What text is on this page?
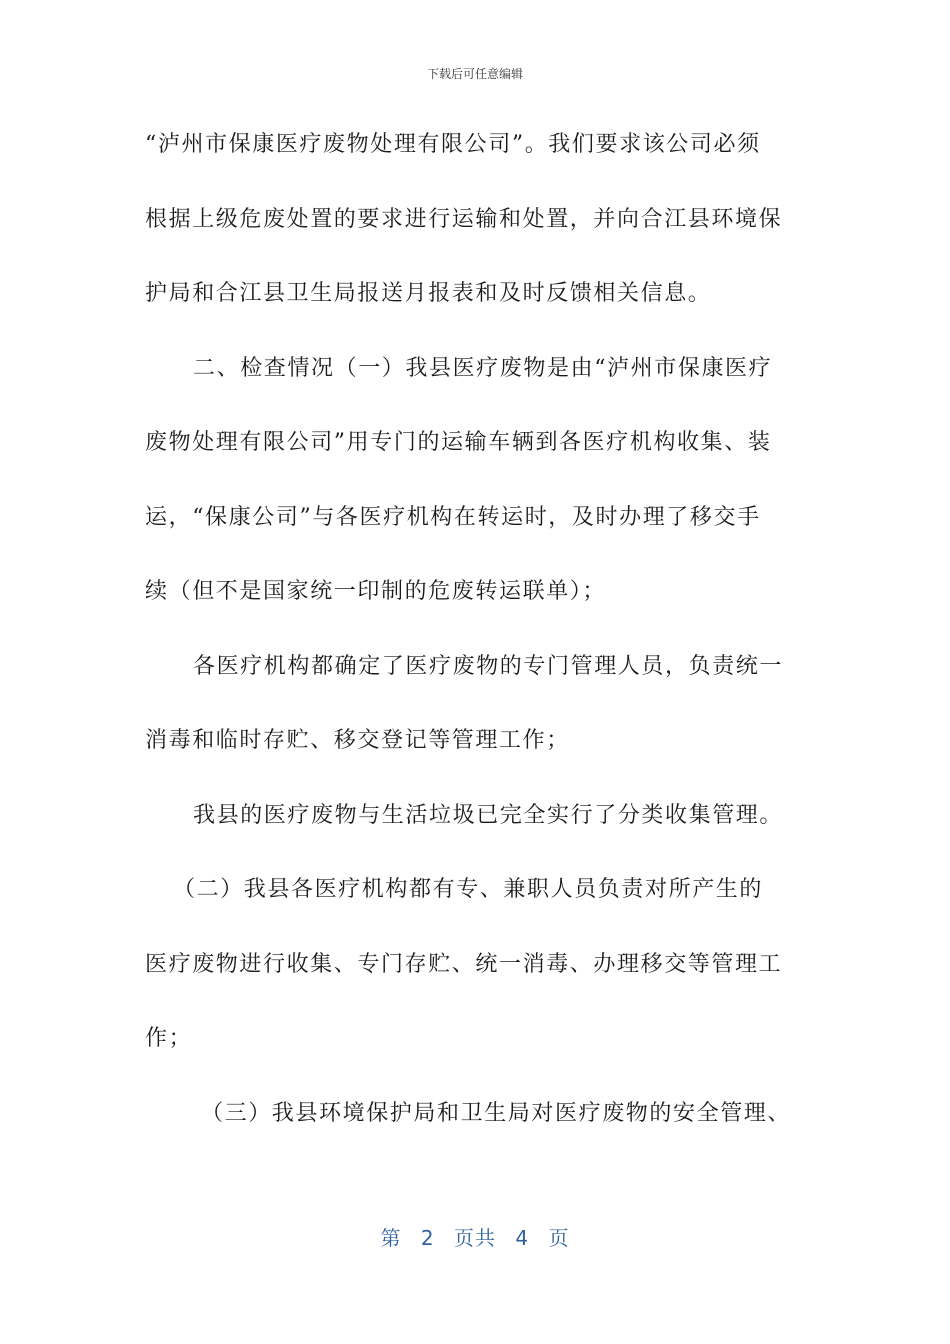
下载后可任意编辑
“泸州市保康医疗废物处理有限公司”。我们要求该公司必须
根据上级危废处置的要求进行运输和处置，并向合江县环境保
护局和合江县卫生局报送月报表和及时反馈相关信息。
二、检查情况（一）我县医疗废物是由“泸州市保康医疗
废物处理有限公司”用专门的运输车辆到各医疗机构收集、装
运，“保康公司”与各医疗机构在转运时，及时办理了移交手
续（但不是国家统一印制的危废转运联单）；
各医疗机构都确定了医疗废物的专门管理人员，负责统一
消毒和临时存贮、移交登记等管理工作；
我县的医疗废物与生活垃圾已完全实行了分类收集管理。
（二）我县各医疗机构都有专、兼职人员负责对所产生的
医疗废物进行收集、专门存贮、统一消毒、办理移交等管理工
作；
（三）我县环境保护局和卫生局对医疗废物的安全管理、
第 2 页共 4 页
